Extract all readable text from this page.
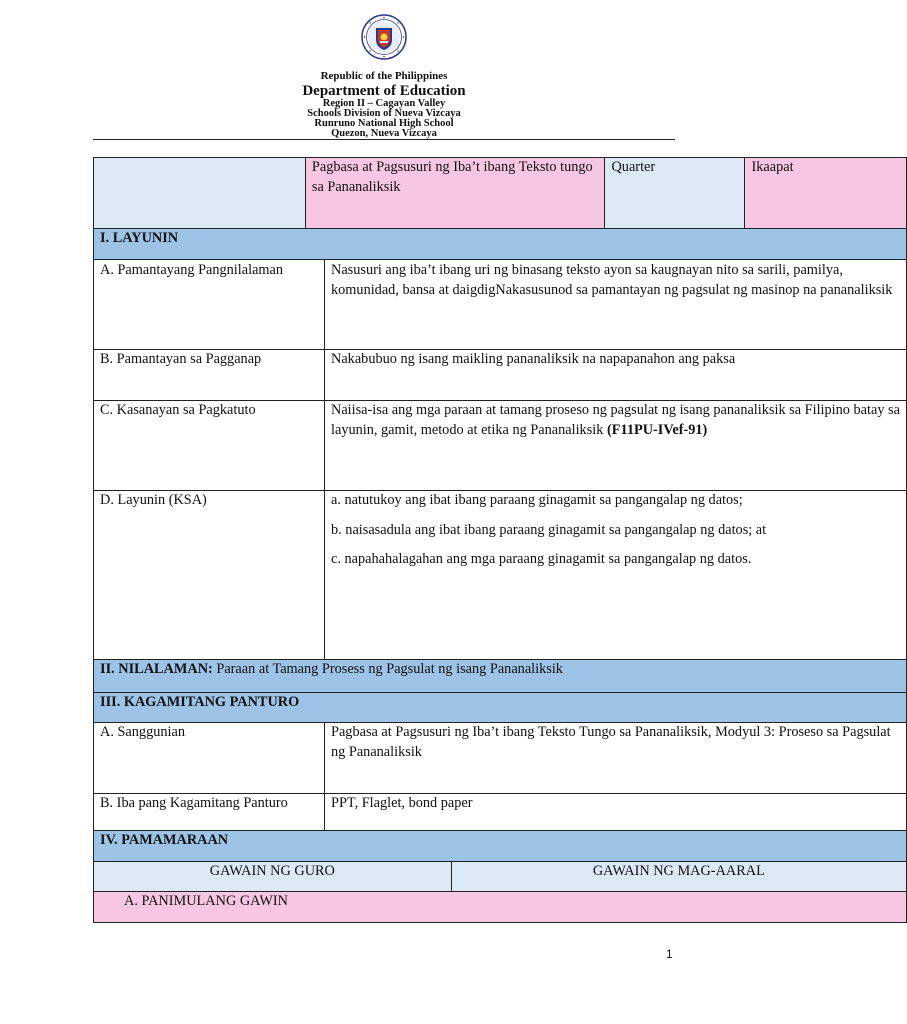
Republic of the Philippines
Department of Education
Region II – Cagayan Valley
Schools Division of Nueva Vizcaya
Runruno National High School
Quezon, Nueva Vizcaya
	Pagbasa at Pagsusuri ng Iba’t ibang Teksto tungo sa Pananaliksik	Quarter	Ikaapat

I. LAYUNIN
A. Pamantayang Pangnilalaman	Nasusuri ang iba’t ibang uri ng binasang teksto ayon sa kaugnayan nito sa sarili, pamilya, komunidad, bansa at daigdigNakasusunod sa pamantayan ng pagsulat ng masinop na pananaliksik
B. Pamantayan sa Pagganap	Nakabubuo ng isang maikling pananaliksik na napapanahon ang paksa
C. Kasanayan sa Pagkatuto	Naiisa-isa ang mga paraan at tamang proseso ng pagsulat ng isang pananaliksik sa Filipino batay sa layunin, gamit, metodo at etika ng Pananaliksik (F11PU-IVef-91)
D. Layunin (KSA)	a. natutukoy ang ibat ibang paraang ginagamit sa pangangalap ng datos;

b. naisasadula ang ibat ibang paraang ginagamit sa pangangalap ng datos; at

c. napahahalagahan ang mga paraang ginagamit sa pangangalap ng datos.

II. NILALAMAN: Paraan at Tamang Prosess ng Pagsulat ng isang Pananaliksik
III. KAGAMITANG PANTURO
A. Sanggunian	Pagbasa at Pagsusuri ng Iba’t ibang Teksto Tungo sa Pananaliksik, Modyul 3: Proseso sa Pagsulat ng Pananaliksik
B. Iba pang Kagamitang Panturo	PPT, Flaglet, bond paper
IV. PAMAMARAAN

GAWAIN NG GURO	GAWAIN NG MAG-AARAL

A. PANIMULANG GAWIN
1
